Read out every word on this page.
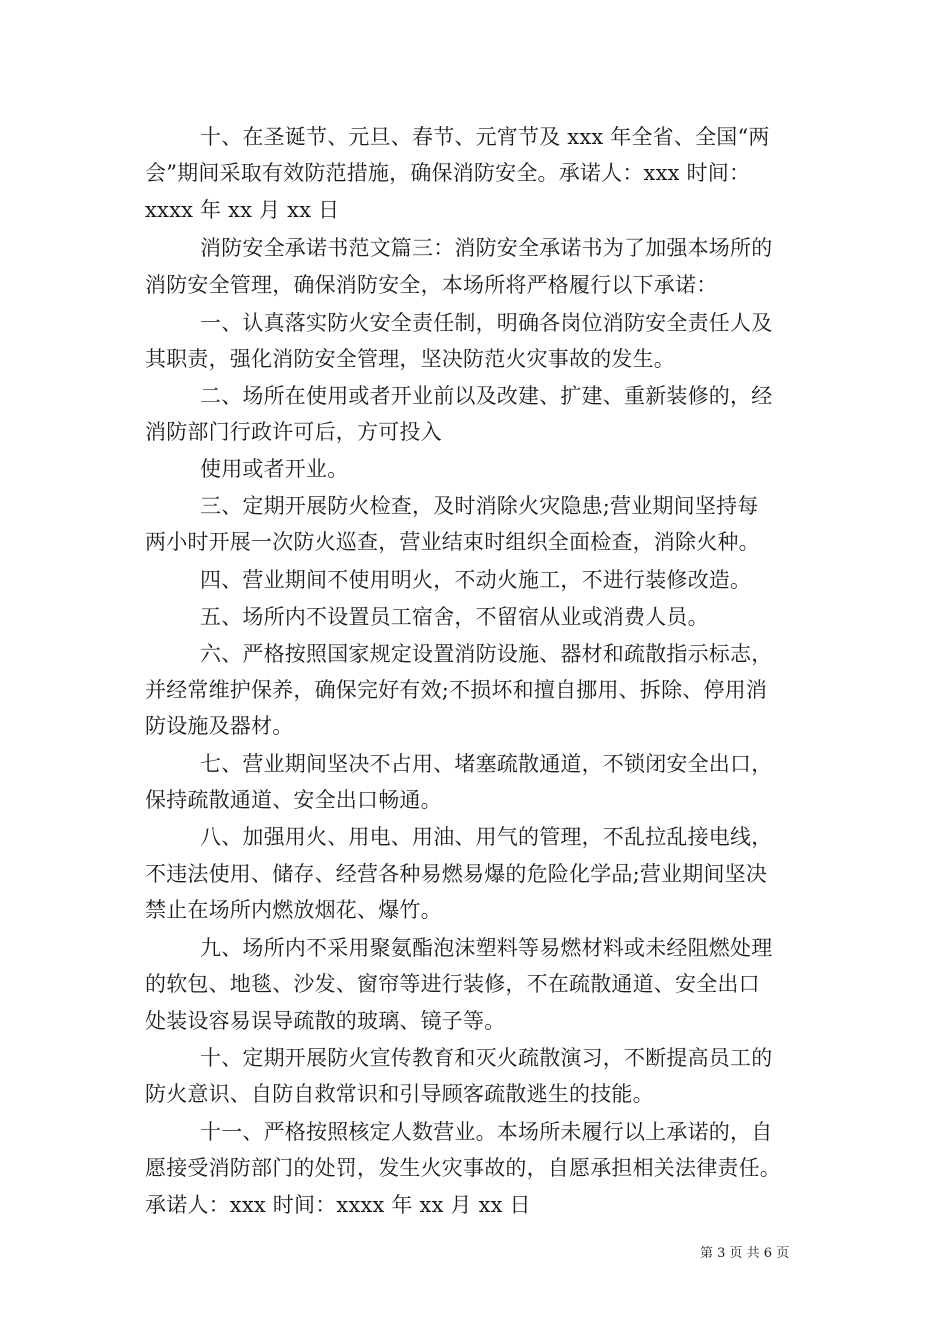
十、在圣诞节、元旦、春节、元宵节及 xxx 年全省、全国“两
会”期间采取有效防范措施，确保消防安全。承诺人：xxx 时间：
xxxx 年 xx 月 xx 日
消防安全承诺书范文篇三：消防安全承诺书为了加强本场所的
消防安全管理，确保消防安全，本场所将严格履行以下承诺：
一、认真落实防火安全责任制，明确各岗位消防安全责任人及
其职责，强化消防安全管理，坚决防范火灾事故的发生。
二、场所在使用或者开业前以及改建、扩建、重新装修的，经
消防部门行政许可后，方可投入
使用或者开业。
三、定期开展防火检查，及时消除火灾隐患;营业期间坚持每
两小时开展一次防火巡查，营业结束时组织全面检查，消除火种。
四、营业期间不使用明火，不动火施工，不进行装修改造。
五、场所内不设置员工宿舍，不留宿从业或消费人员。
六、严格按照国家规定设置消防设施、器材和疏散指示标志，
并经常维护保养，确保完好有效;不损坏和擅自挪用、拆除、停用消
防设施及器材。
七、营业期间坚决不占用、堵塞疏散通道，不锁闭安全出口，
保持疏散通道、安全出口畅通。
八、加强用火、用电、用油、用气的管理，不乱拉乱接电线，
不违法使用、储存、经营各种易燃易爆的危险化学品;营业期间坚决
禁止在场所内燃放烟花、爆竹。
九、场所内不采用聚氨酯泡沫塑料等易燃材料或未经阻燃处理
的软包、地毯、沙发、窗帘等进行装修，不在疏散通道、安全出口
处装设容易误导疏散的玻璃、镜子等。
十、定期开展防火宣传教育和灭火疏散演习，不断提高员工的
防火意识、自防自救常识和引导顾客疏散逃生的技能。
十一、严格按照核定人数营业。本场所未履行以上承诺的，自
愿接受消防部门的处罚，发生火灾事故的，自愿承担相关法律责任。
承诺人：xxx 时间：xxxx 年 xx 月 xx 日
第 3 页 共 6 页
